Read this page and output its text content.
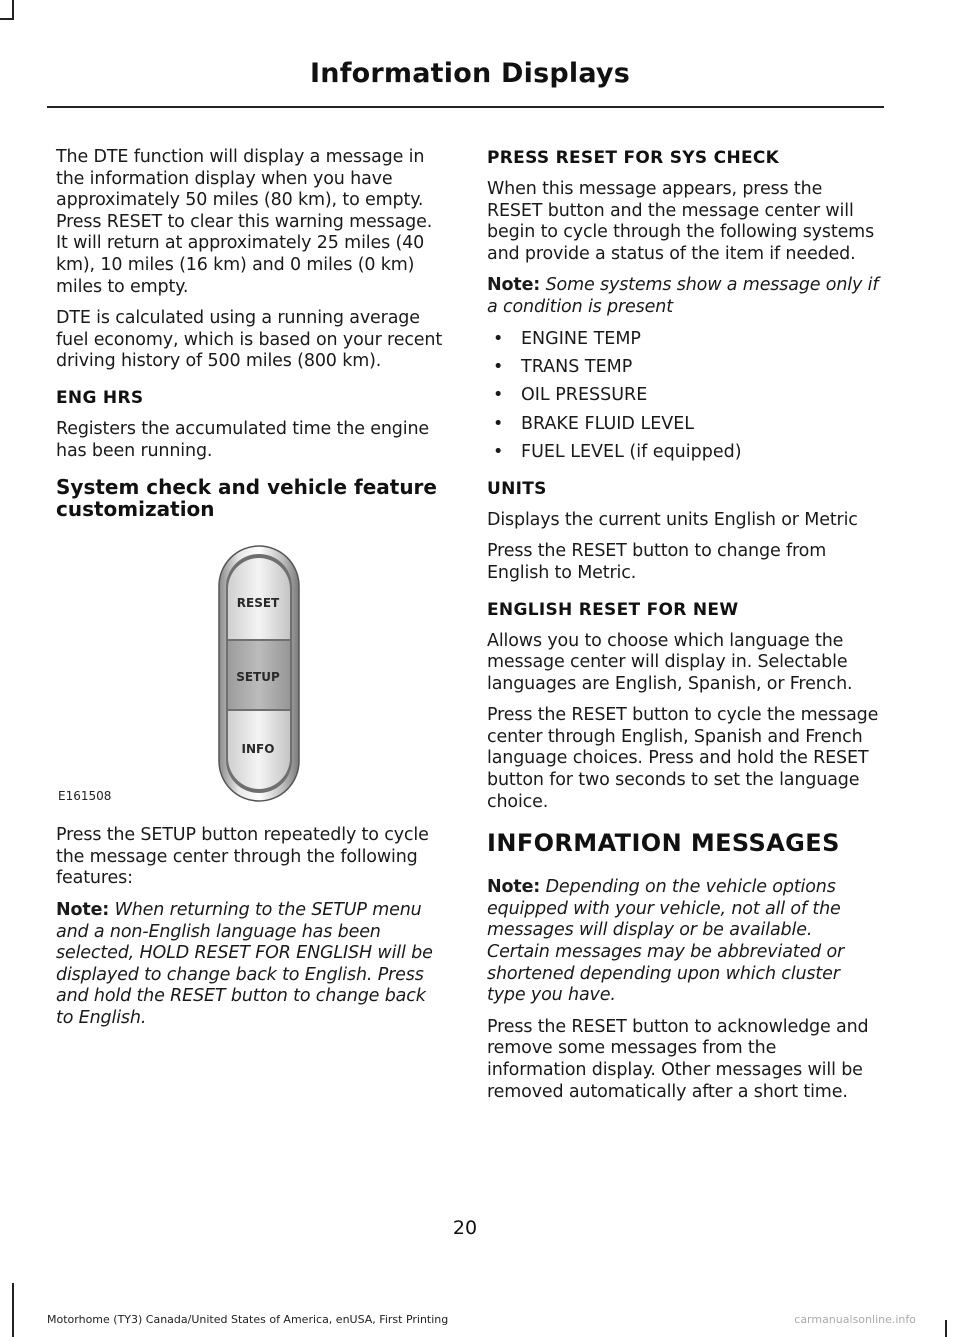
Information Displays

The DTE function will display a message in the information display when you have approximately 50 miles (80 km), to empty. Press RESET to clear this warning message. It will return at approximately 25 miles (40 km), 10 miles (16 km) and 0 miles (0 km) miles to empty.

DTE is calculated using a running average fuel economy, which is based on your recent driving history of 500 miles (800 km).

ENG HRS

Registers the accumulated time the engine has been running.

System check and vehicle feature customization
RESET
SETUP
INFO
E161508

Press the SETUP button repeatedly to cycle the message center through the following features:

Note: When returning to the SETUP menu and a non-English language has been selected, HOLD RESET FOR ENGLISH will be displayed to change back to English. Press and hold the RESET button to change back to English.

PRESS RESET FOR SYS CHECK

When this message appears, press the RESET button and the message center will begin to cycle through the following systems and provide a status of the item if needed.

Note: Some systems show a message only if a condition is present

• ENGINE TEMP
• TRANS TEMP
• OIL PRESSURE
• BRAKE FLUID LEVEL
• FUEL LEVEL (if equipped)
UNITS

Displays the current units English or Metric

Press the RESET button to change from English to Metric.

ENGLISH RESET FOR NEW

Allows you to choose which language the message center will display in. Selectable languages are English, Spanish, or French.

Press the RESET button to cycle the message center through English, Spanish and French language choices. Press and hold the RESET button for two seconds to set the language choice.

INFORMATION MESSAGES

Note: Depending on the vehicle options equipped with your vehicle, not all of the messages will display or be available. Certain messages may be abbreviated or shortened depending upon which cluster type you have.

Press the RESET button to acknowledge and remove some messages from the information display. Other messages will be removed automatically after a short time.

20
Motorhome (TY3) Canada/United States of America, enUSA, First Printing	carmanualsonline.info
